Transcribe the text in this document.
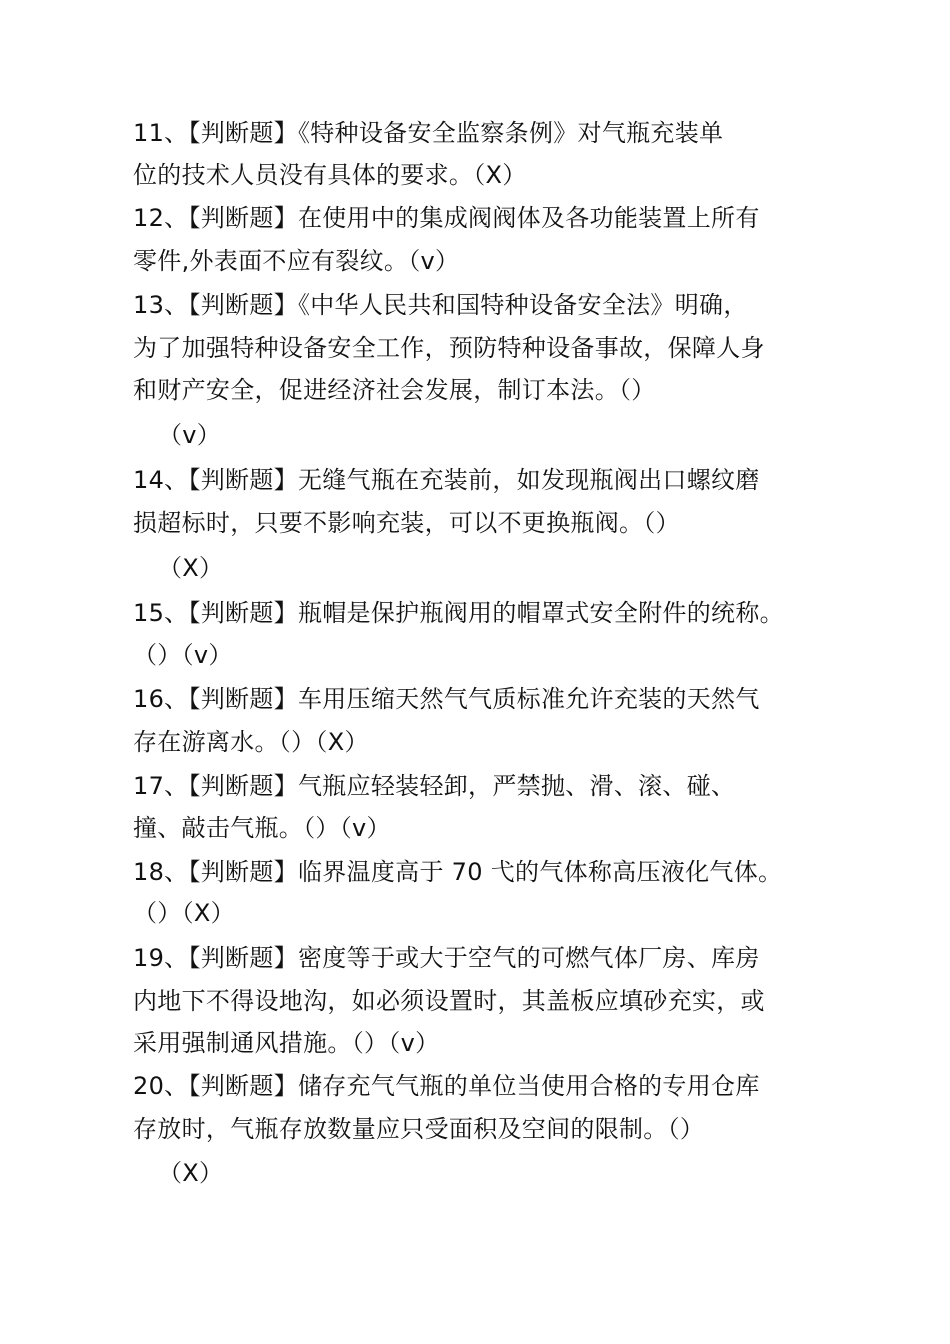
11、【判断题】《特种设备安全监察条例》对气瓶充装单
位的技术人员没有具体的要求。（X）
12、【判断题】在使用中的集成阀阀体及各功能装置上所有
零件,外表面不应有裂纹。（v）
13、【判断题】《中华人民共和国特种设备安全法》明确，
为了加强特种设备安全工作，预防特种设备事故，保障人身
和财产安全，促进经济社会发展，制订本法。（）
（v）
14、【判断题】无缝气瓶在充装前，如发现瓶阀出口螺纹磨
损超标时，只要不影响充装，可以不更换瓶阀。（）
（X）
15、【判断题】瓶帽是保护瓶阀用的帽罩式安全附件的统称。
（）（v）
16、【判断题】车用压缩天然气气质标准允许充装的天然气
存在游离水。（）（X）
17、【判断题】气瓶应轻装轻卸，严禁抛、滑、滚、碰、
撞、敲击气瓶。（）（v）
18、【判断题】临界温度高于 70 弋的气体称高压液化气体。
（）（X）
19、【判断题】密度等于或大于空气的可燃气体厂房、库房
内地下不得设地沟，如必须设置时，其盖板应填砂充实，或
采用强制通风措施。（）（v）
20、【判断题】储存充气气瓶的单位当使用合格的专用仓库
存放时，气瓶存放数量应只受面积及空间的限制。（）
（X）
